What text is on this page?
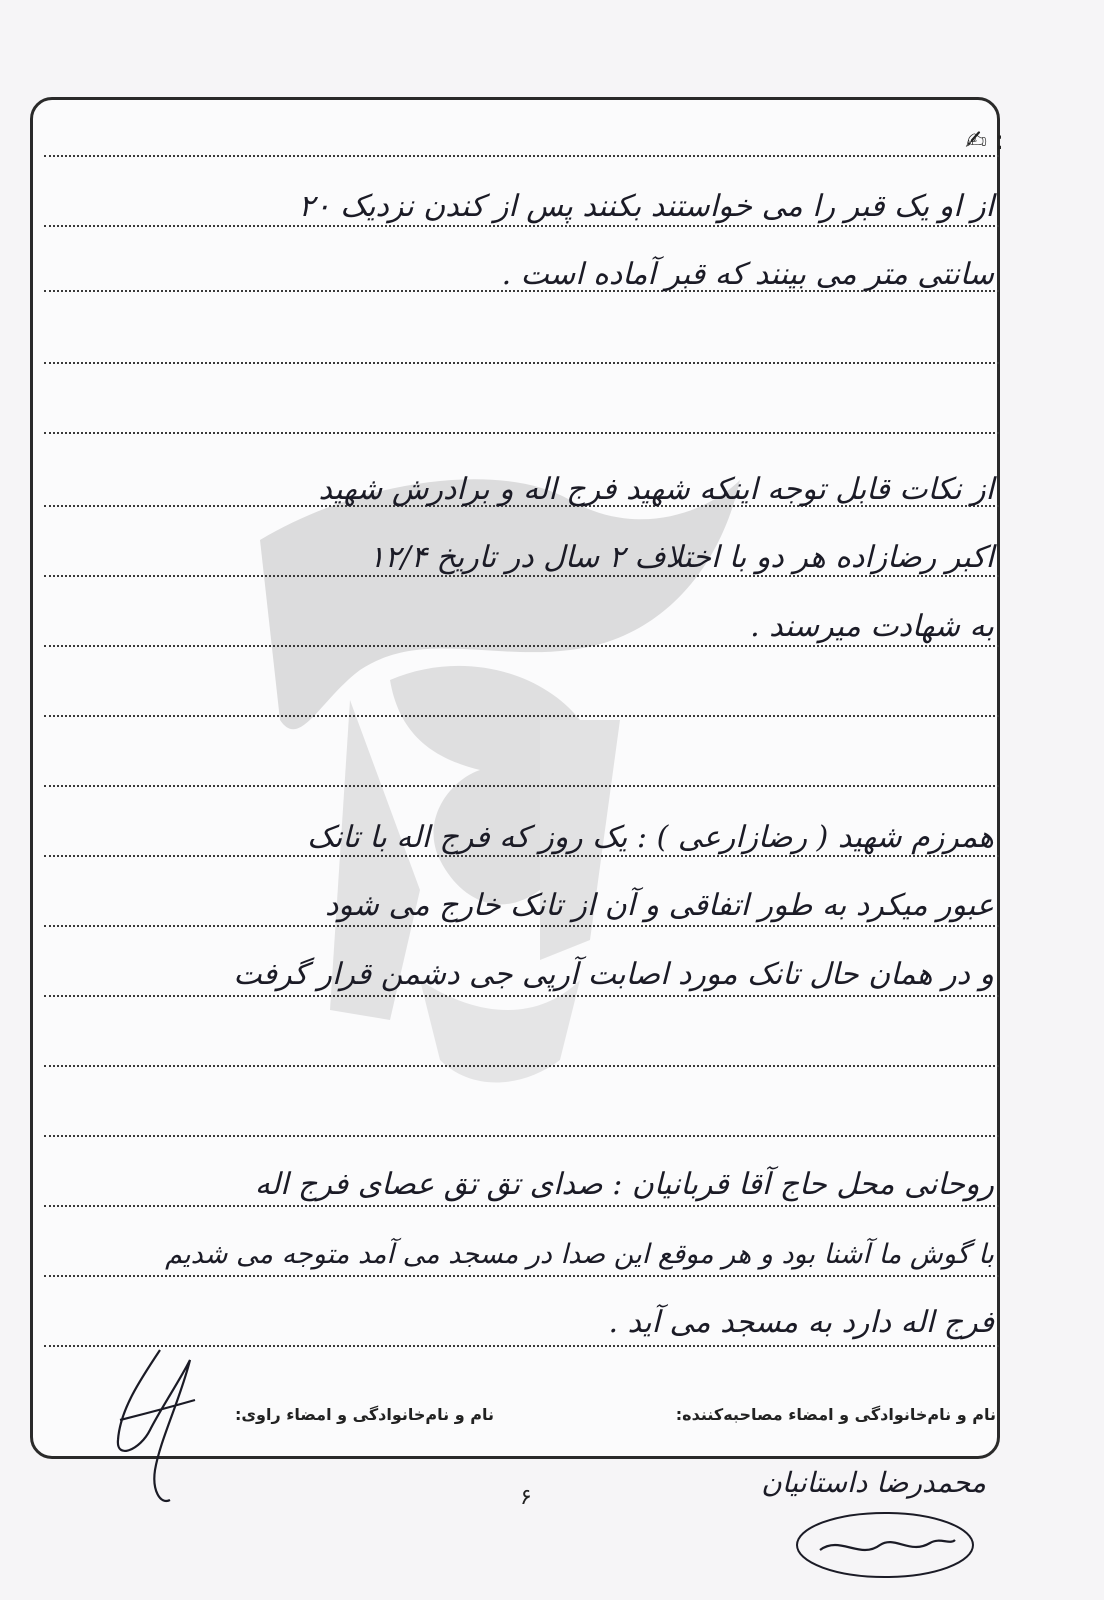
✍ :
از او یک قبر را می خواستند بکنند پس از کندن نزدیک ۲۰
سانتی متر می بینند که قبر آماده است .
از نکات قابل توجه اینکه شهید فرج اله و برادرش شهید
اکبر رضازاده هر دو با اختلاف ۲ سال در تاریخ ۱۲/۴
به شهادت میرسند .
همرزم شهید ( رضازارعی ) : یک روز که فرج اله با تانک
عبور میکرد به طور اتفاقی و آن از تانک خارج می شود
و در همان حال تانک مورد اصابت آرپی جی دشمن قرار گرفت
روحانی محل حاج آقا قربانیان : صدای تق تق عصای فرج اله
با گوش ما آشنا بود و هر موقع این صدا در مسجد می آمد متوجه می شدیم
فرج اله دارد به مسجد می آید .
نام و نام‌خانوادگی و امضاء مصاحبه‌کننده:
نام و نام‌خانوادگی و امضاء راوی:
۶	محمدرضا داستانیان
